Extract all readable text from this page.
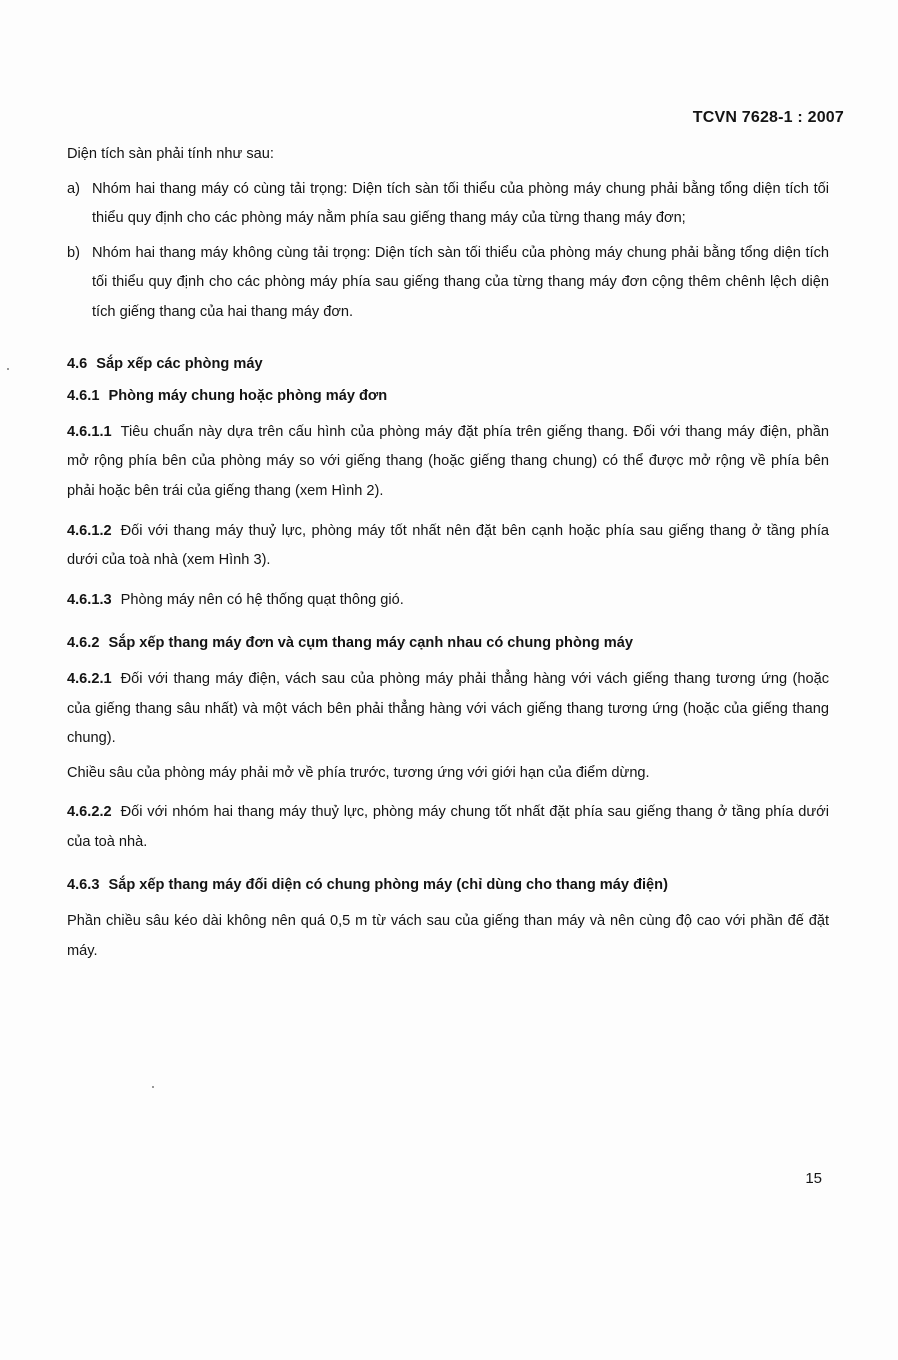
TCVN 7628-1 : 2007

Diện tích sàn phải tính như sau:

a) Nhóm hai thang máy có cùng tải trọng: Diện tích sàn tối thiểu của phòng máy chung phải bằng tổng diện tích tối thiểu quy định cho các phòng máy nằm phía sau giếng thang máy của từng thang máy đơn;
b) Nhóm hai thang máy không cùng tải trọng: Diện tích sàn tối thiểu của phòng máy chung phải bằng tổng diện tích tối thiểu quy định cho các phòng máy phía sau giếng thang của từng thang máy đơn cộng thêm chênh lệch diện tích giếng thang của hai thang máy đơn.
4.6 Sắp xếp các phòng máy
4.6.1 Phòng máy chung hoặc phòng máy đơn

4.6.1.1 Tiêu chuẩn này dựa trên cấu hình của phòng máy đặt phía trên giếng thang. Đối với thang máy điện, phần mở rộng phía bên của phòng máy so với giếng thang (hoặc giếng thang chung) có thể được mở rộng về phía bên phải hoặc bên trái của giếng thang (xem Hình 2).

4.6.1.2 Đối với thang máy thuỷ lực, phòng máy tốt nhất nên đặt bên cạnh hoặc phía sau giếng thang ở tầng phía dưới của toà nhà (xem Hình 3).

4.6.1.3 Phòng máy nên có hệ thống quạt thông gió.

4.6.2 Sắp xếp thang máy đơn và cụm thang máy cạnh nhau có chung phòng máy

4.6.2.1 Đối với thang máy điện, vách sau của phòng máy phải thẳng hàng với vách giếng thang tương ứng (hoặc của giếng thang sâu nhất) và một vách bên phải thẳng hàng với vách giếng thang tương ứng (hoặc của giếng thang chung).

Chiều sâu của phòng máy phải mở về phía trước, tương ứng với giới hạn của điểm dừng.

4.6.2.2 Đối với nhóm hai thang máy thuỷ lực, phòng máy chung tốt nhất đặt phía sau giếng thang ở tầng phía dưới của toà nhà.

4.6.3 Sắp xếp thang máy đối diện có chung phòng máy (chỉ dùng cho thang máy điện)

Phần chiều sâu kéo dài không nên quá 0,5 m từ vách sau của giếng than máy và nên cùng độ cao với phần đế đặt máy.

15
